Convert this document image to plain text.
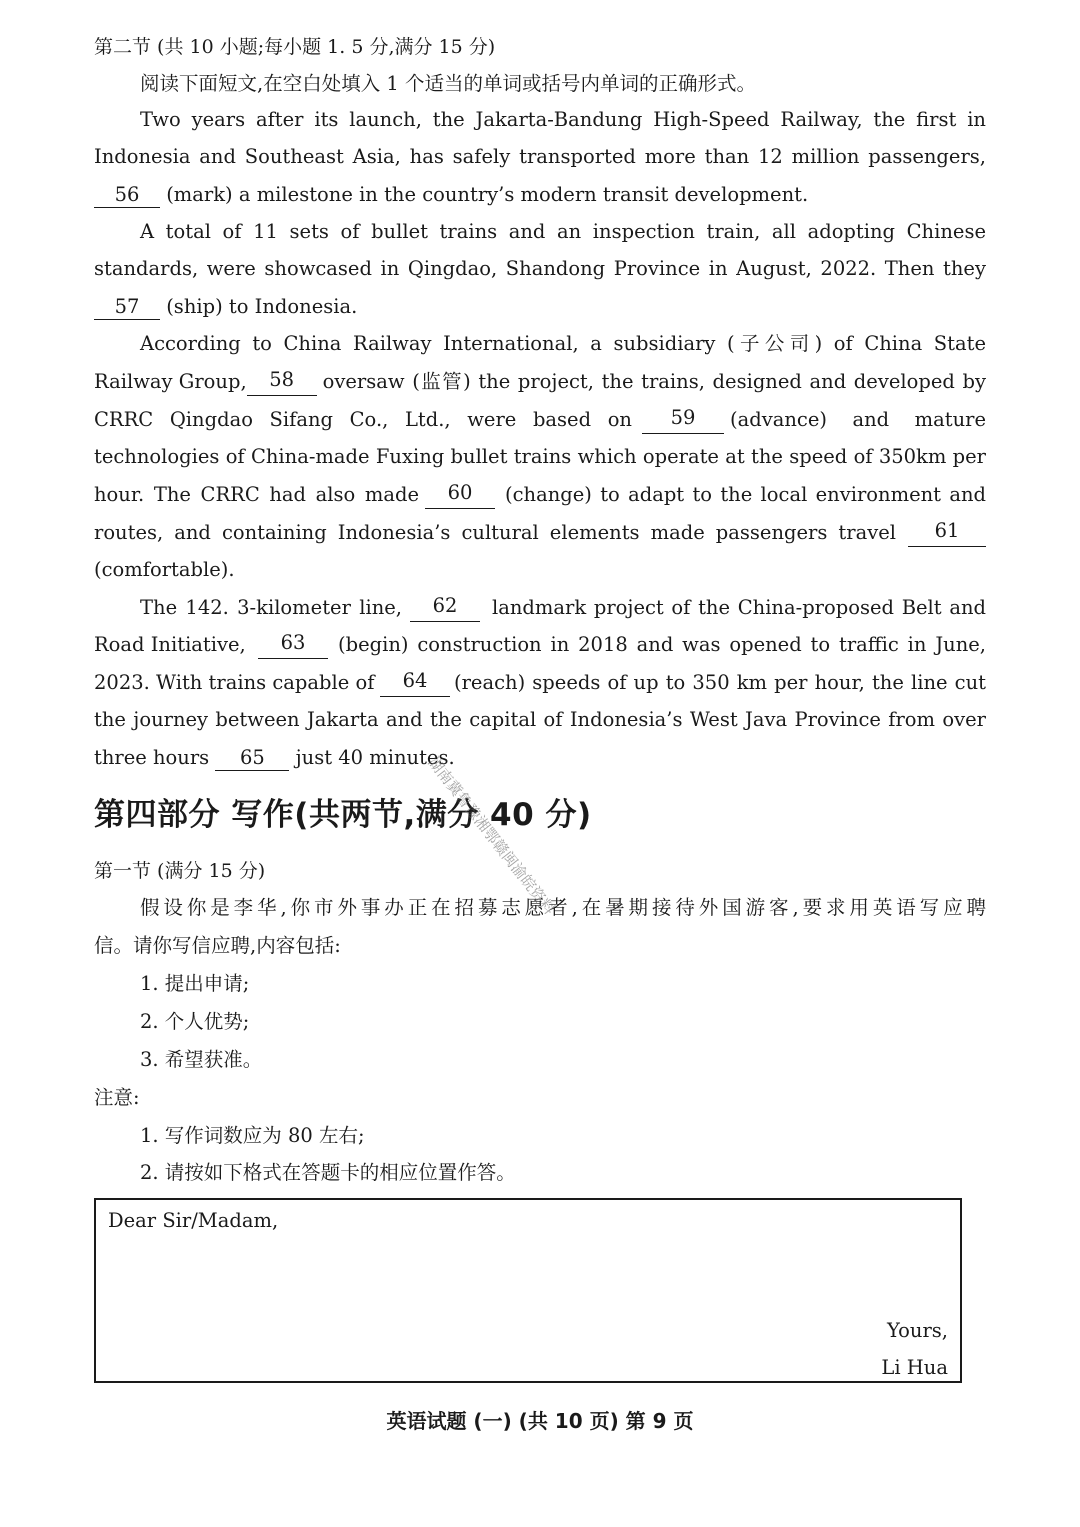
第二节 (共 10 小题;每小题 1. 5 分,满分 15 分)
阅读下面短文,在空白处填入 1 个适当的单词或括号内单词的正确形式。
Two years after its launch, the Jakarta-Bandung High-Speed Railway, the first in
Indonesia and Southeast Asia, has safely transported more than 12 million passengers,
56 (mark) a milestone in the country’s modern transit development.
A total of 11 sets of bullet trains and an inspection train, all adopting Chinese
standards, were showcased in Qingdao, Shandong Province in August, 2022. Then they
57 (ship) to Indonesia.
According to China Railway International, a subsidiary (子公司) of China State
Railway Group,	58	oversaw (监管) the project, the trains, designed and developed by
CRRC Qingdao Sifang Co., Ltd., were based on	59	(advance) and mature
technologies of China-made Fuxing bullet trains which operate at the speed of 350km per
hour. The CRRC had also made	60	(change) to adapt to the local environment and
routes, and containing Indonesia’s cultural elements made passengers travel	61
(comfortable).
The 142. 3-kilometer line,	62	landmark project of the China-proposed Belt and
Road Initiative,	63	(begin) construction in 2018 and was opened to traffic in June,
2023. With trains capable of	64	(reach) speeds of up to 350 km per hour, the line cut
the journey between Jakarta and the capital of Indonesia’s West Java Province from over
three hours 65 just 40 minutes.
第四部分 写作(共两节,满分 40 分)
第一节 (满分 15 分)
假设你是李华,你市外事办正在招募志愿者,在暑期接待外国游客,要求用英语写应聘
信。请你写信应聘,内容包括:
1. 提出申请;
2. 个人优势;
3. 希望获准。
注意:
1. 写作词数应为 80 左右;
2. 请按如下格式在答题卡的相应位置作答。
Dear Sir/Madam,
Yours,
Li Hua
英语试题 (一) (共 10 页) 第 9 页
湖南冀鲁豫湘鄂赣闽渝皖资料
